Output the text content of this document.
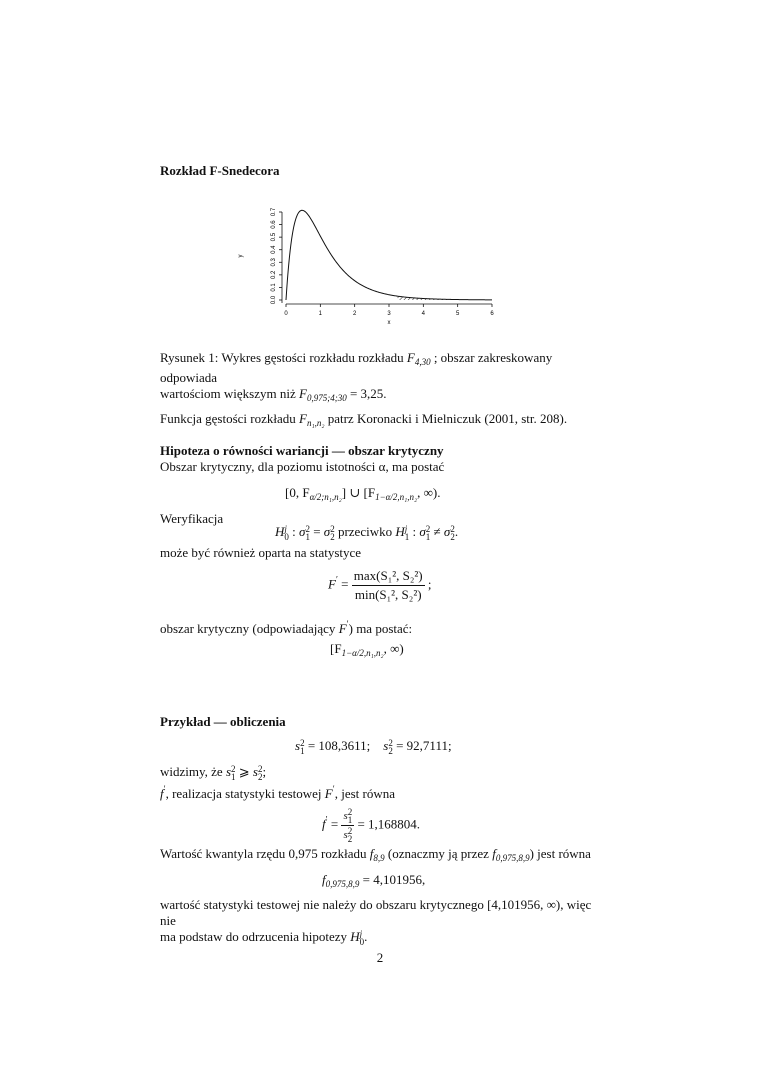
Rozkład F-Snedecora
0	1	2	3	4	5	6
0.0
0.1
0.2
0.3
0.4
0.5
0.6
0.7
x
y
Rysunek 1: Wykres gęstości rozkładu rozkładu $F_{4,30}$ ; obszar zakreskowany odpowiada
wartościom większym niż $F_{0,975;4;30} = 3,25$.
Funkcja gęstości rozkładu $F_{n_1,n_2}$ patrz Koronacki i Mielniczuk (2001, str. 208).
Hipoteza o równości wariancji — obszar krytyczny
Obszar krytyczny, dla poziomu istotności α, ma postać
[0, $F_{\alpha/2;n_1,n_2}$] ∪ [$F_{1-\alpha/2,n_1,n_2}$, ∞).
Weryfikacja
H j
0 : σ 2
1 = σ 2
2 przeciwko H j
1 : σ 2
1 ≠ σ 2
2 .
może być również oparta na statystyce
$F' = \frac{\text{max(S₁², S₂²)}}{\text{min(S₁², S₂²)}}$ ;
obszar krytyczny (odpowiadający F′) ma postać:
[$F_{1-\alpha/2,n_1,n_2}$, ∞)
Przykład — obliczenia
s 2
1 = 108,3611; s 2
2 = 92,7111;
widzimy, że s 2
1 ⩾ s 2
2 ;
f′, realizacja statystyki testowej F′, jest równa
f′ = s 2
1
s 2
2 = 1,168804.
Wartość kwantyla rzędu 0,975 rozkładu $f_{8,9}$ (oznaczmy ją przez $f_{0,975,8,9}$) jest równa
$f_{0,975,8,9} = 4,101956$,
wartość statystyki testowej nie należy do obszaru krytycznego [4,101956, ∞), więc nie
ma podstaw do odrzucenia hipotezy H j
0 .
2
